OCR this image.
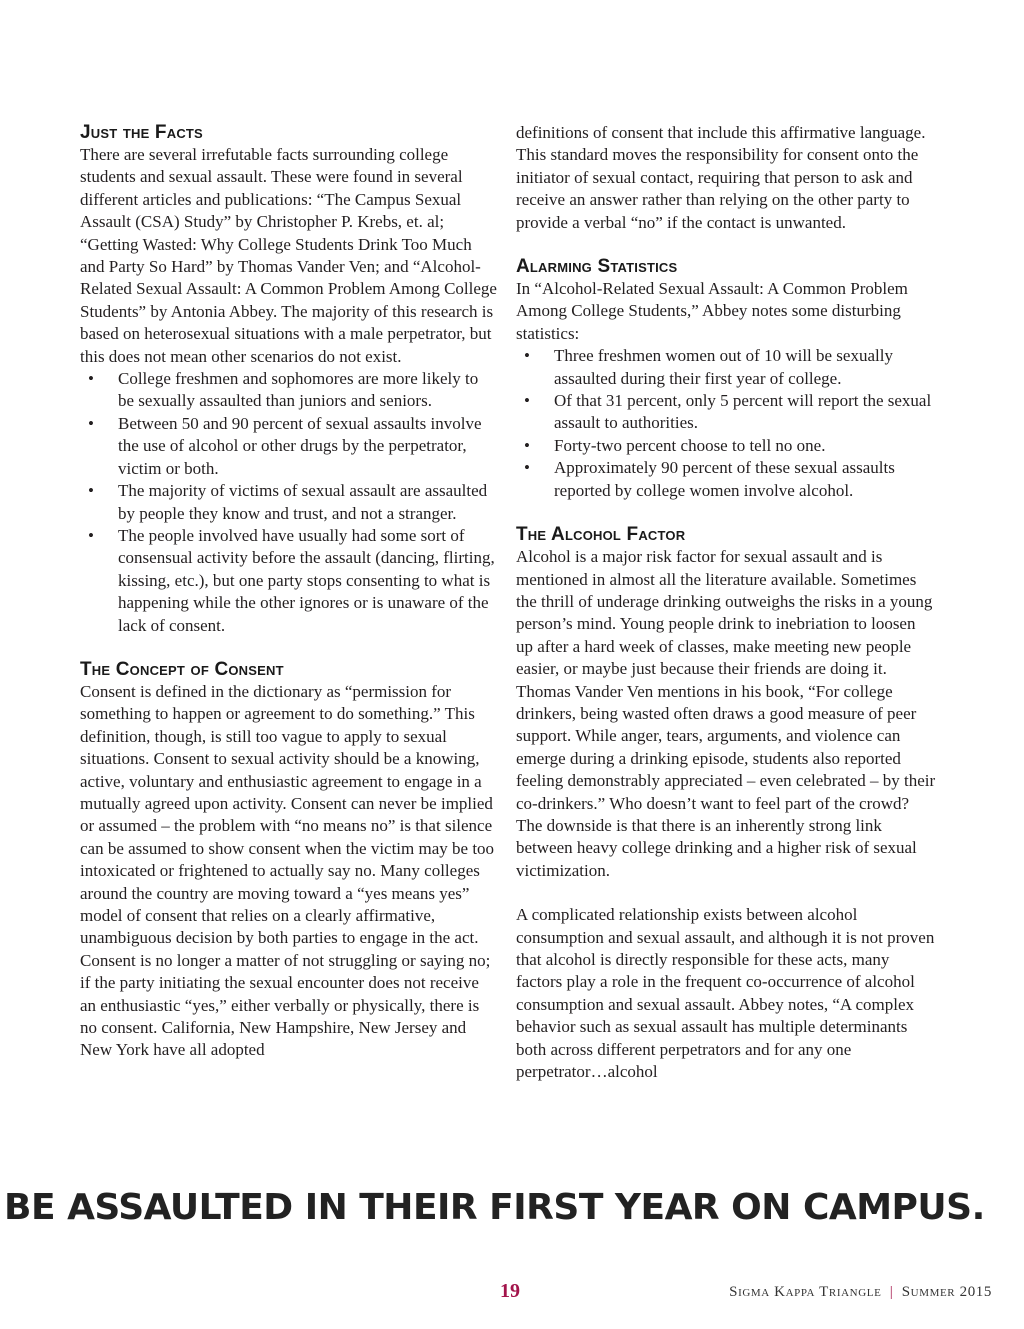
Just the Facts

There are several irrefutable facts surrounding college students and sexual assault. These were found in several different articles and publications: “The Campus Sexual Assault (CSA) Study” by Christopher P. Krebs, et. al; “Getting Wasted: Why College Students Drink Too Much and Party So Hard” by Thomas Vander Ven; and “Alcohol-Related Sexual Assault: A Common Problem Among College Students” by Antonia Abbey. The majority of this research is based on heterosexual situations with a male perpetrator, but this does not mean other scenarios do not exist.

• College freshmen and sophomores are more likely to be sexually assaulted than juniors and seniors.
• Between 50 and 90 percent of sexual assaults involve the use of alcohol or other drugs by the perpetrator, victim or both.
• The majority of victims of sexual assault are assaulted by people they know and trust, and not a stranger.
• The people involved have usually had some sort of consensual activity before the assault (dancing, flirting, kissing, etc.), but one party stops consenting to what is happening while the other ignores or is unaware of the lack of consent.
The Concept of Consent

Consent is defined in the dictionary as “permission for something to happen or agreement to do something.” This definition, though, is still too vague to apply to sexual situations. Consent to sexual activity should be a knowing, active, voluntary and enthusiastic agreement to engage in a mutually agreed upon activity. Consent can never be implied or assumed – the problem with “no means no” is that silence can be assumed to show consent when the victim may be too intoxicated or frightened to actually say no. Many colleges around the country are moving toward a “yes means yes” model of consent that relies on a clearly affirmative, unambiguous decision by both parties to engage in the act. Consent is no longer a matter of not struggling or saying no; if the party initiating the sexual encounter does not receive an enthusiastic “yes,” either verbally or physically, there is no consent. California, New Hampshire, New Jersey and New York have all adopted

definitions of consent that include this affirmative language. This standard moves the responsibility for consent onto the initiator of sexual contact, requiring that person to ask and receive an answer rather than relying on the other party to provide a verbal “no” if the contact is unwanted.

Alarming Statistics

In “Alcohol-Related Sexual Assault: A Common Problem Among College Students,” Abbey notes some disturbing statistics:

• Three freshmen women out of 10 will be sexually assaulted during their first year of college.
• Of that 31 percent, only 5 percent will report the sexual assault to authorities.
• Forty-two percent choose to tell no one.
• Approximately 90 percent of these sexual assaults reported by college women involve alcohol.
The Alcohol Factor

Alcohol is a major risk factor for sexual assault and is mentioned in almost all the literature available. Sometimes the thrill of underage drinking outweighs the risks in a young person’s mind. Young people drink to inebriation to loosen up after a hard week of classes, make meeting new people easier, or maybe just because their friends are doing it. Thomas Vander Ven mentions in his book, “For college drinkers, being wasted often draws a good measure of peer support. While anger, tears, arguments, and violence can emerge during a drinking episode, students also reported feeling demonstrably appreciated – even celebrated – by their co-drinkers.” Who doesn’t want to feel part of the crowd? The downside is that there is an inherently strong link between heavy college drinking and a higher risk of sexual victimization.

A complicated relationship exists between alcohol consumption and sexual assault, and although it is not proven that alcohol is directly responsible for these acts, many factors play a role in the frequent co-occurrence of alcohol consumption and sexual assault. Abbey notes, “A complex behavior such as sexual assault has multiple determinants both across different perpetrators and for any one perpetrator…alcohol

BE ASSAULTED IN THEIR FIRST YEAR ON CAMPUS.
19	Sigma Kappa Triangle | Summer 2015
